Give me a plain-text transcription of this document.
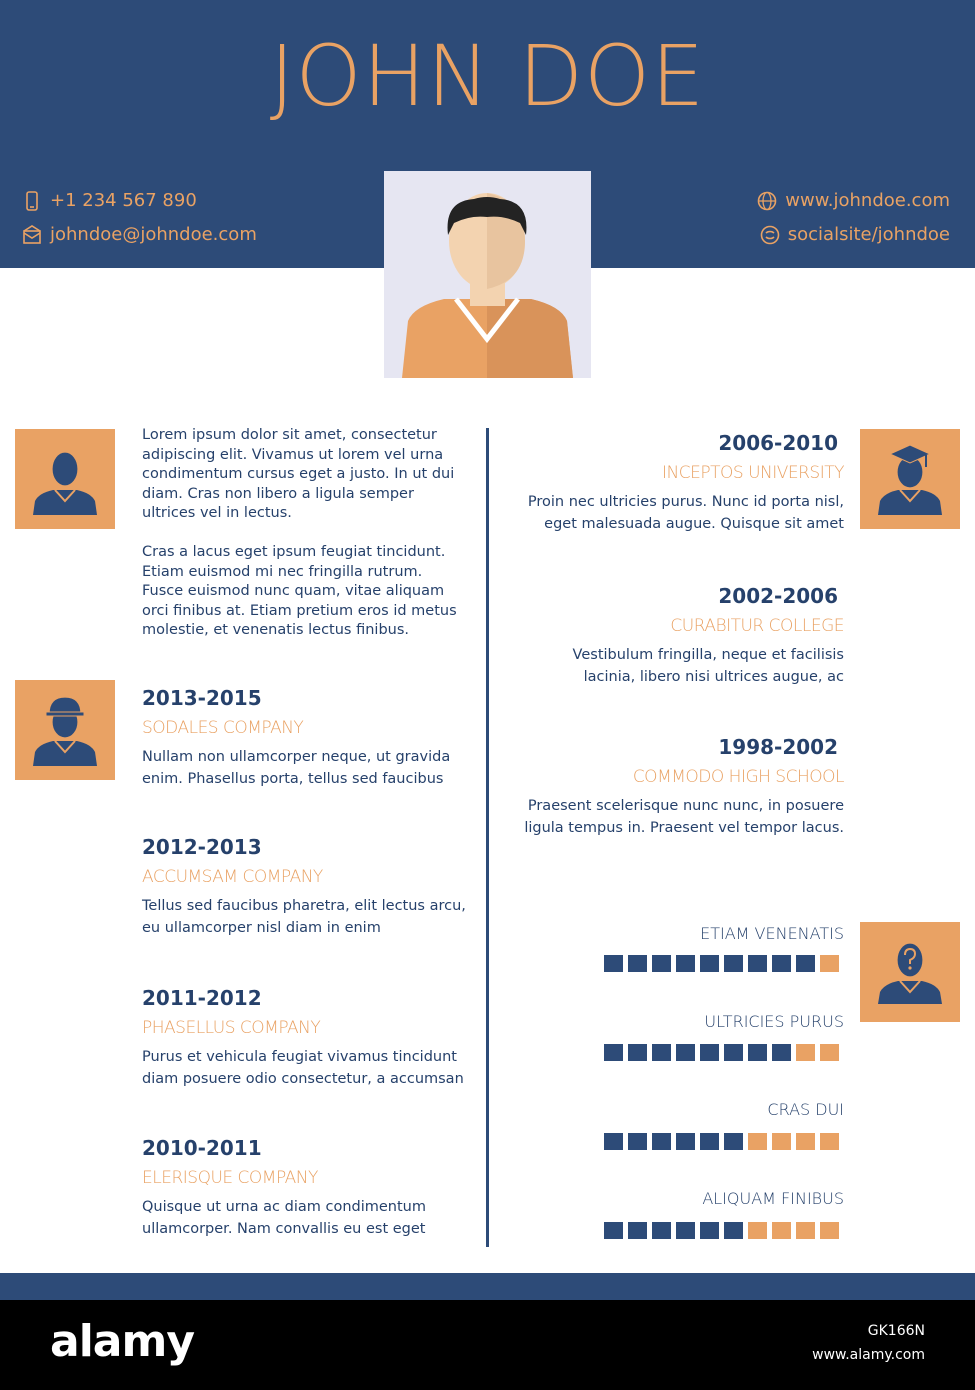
JOHN DOE
+1 234 567 890
johndoe@johndoe.com
www.johndoe.com
socialsite/johndoe
Lorem ipsum dolor sit amet, consectetur adipiscing elit. Vivamus ut lorem vel urna condimentum cursus eget a justo. In ut dui diam. Cras non libero a ligula semper ultrices vel in lectus.
Cras a lacus eget ipsum feugiat tincidunt. Etiam euismod mi nec fringilla rutrum. Fusce euismod nunc quam, vitae aliquam orci finibus at. Etiam pretium eros id metus molestie, et venenatis lectus finibus.
2013-2015
SODALES COMPANY
Nullam non ullamcorper neque, ut gravida enim. Phasellus porta, tellus sed faucibus
2012-2013
ACCUMSAM COMPANY
Tellus sed faucibus pharetra, elit lectus arcu, eu ullamcorper nisl diam in enim
2011-2012
PHASELLUS COMPANY
Purus et vehicula feugiat vivamus tincidunt diam posuere odio consectetur, a accumsan
2010-2011
ELERISQUE COMPANY
Quisque ut urna ac diam condimentum ullamcorper. Nam convallis eu est eget
2006-2010
INCEPTOS UNIVERSITY
Proin nec ultricies purus. Nunc id porta nisl, eget malesuada augue. Quisque sit amet
2002-2006
CURABITUR COLLEGE
Vestibulum fringilla, neque et facilisis lacinia, libero nisi ultrices augue, ac
1998-2002
COMMODO HIGH SCHOOL
Praesent scelerisque nunc nunc, in posuere ligula tempus in. Praesent vel tempor lacus.
ETIAM VENENATIS
ULTRICIES PURUS
CRAS DUI
ALIQUAM FINIBUS
alamy	GK166N
www.alamy.com
